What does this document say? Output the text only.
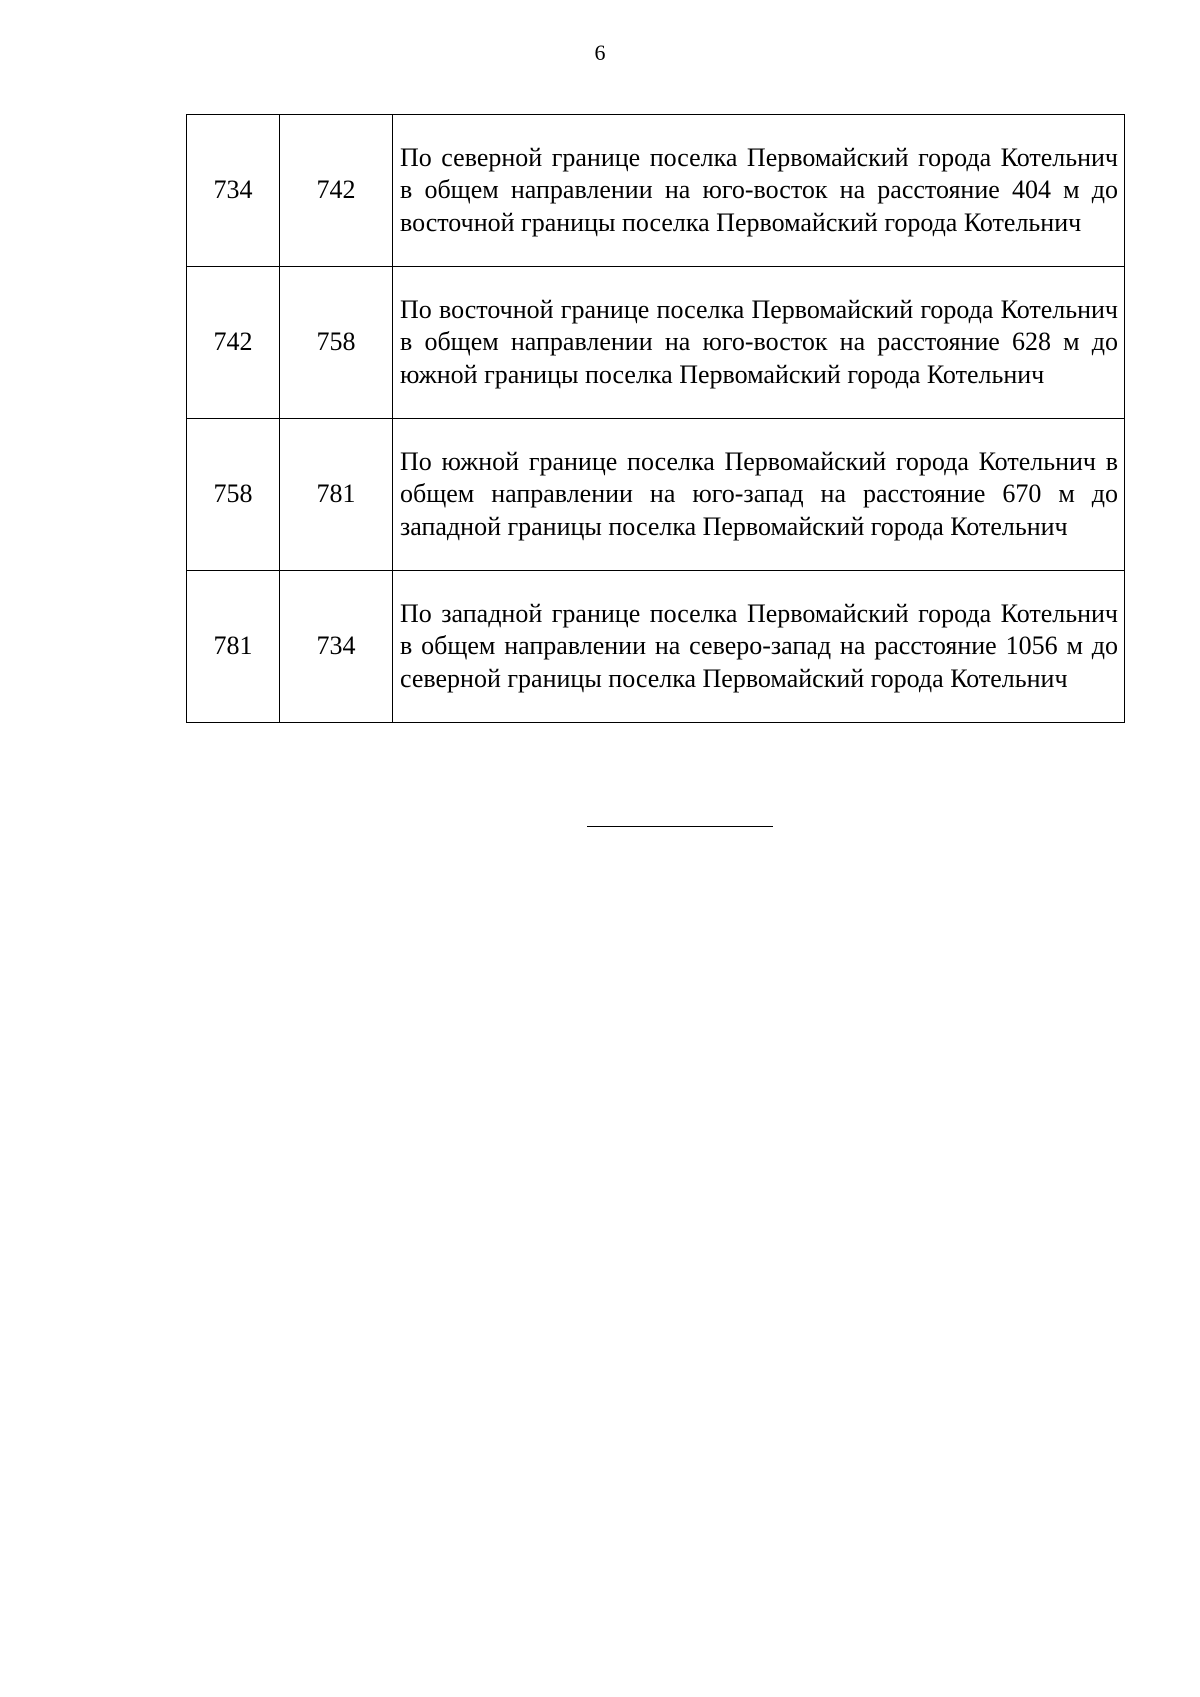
6
734	742	По северной границе поселка Первомайский города Котельнич в общем направлении на юго-восток на расстояние 404 м до восточной границы поселка Первомайский города Котельнич

742	758	По восточной границе поселка Первомайский города Котельнич в общем направлении на юго-восток на расстояние 628 м до южной границы поселка Первомайский города Котельнич

758	781	По южной границе поселка Первомайский города Котельнич в общем направлении на юго-запад на расстояние 670 м до западной границы поселка Первомайский города Котельнич

781	734	По западной границе поселка Первомайский города Котельнич в общем направлении на северо-запад на расстояние 1056 м до северной границы поселка Первомайский города Котельнич
